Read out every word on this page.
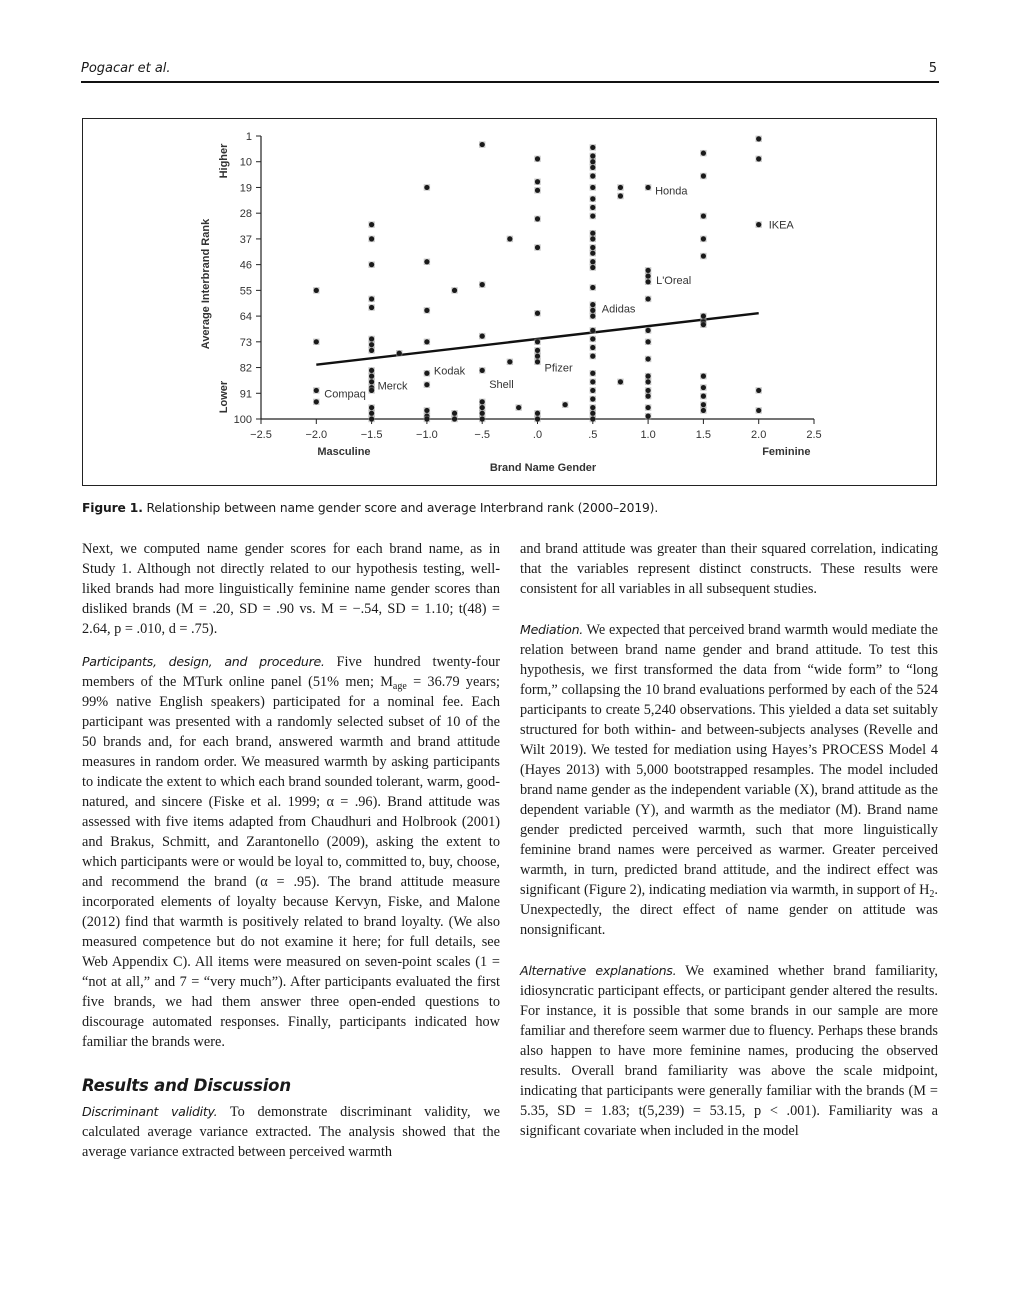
Pogacar et al.	5
1
10
19
28
37
46
55
64
73
82
91
100
−2.5	−2.0	−1.5	−1.0	−.5	.0	.5	1.0	1.5	2.0	2.5
Masculine	Feminine
Brand Name Gender
Average Interbrand Rank
Higher
Lower	Compaq
Merck
Kodak
Shell
Pfizer
Adidas
L'Oreal
Honda
IKEA
Figure 1. Relationship between name gender score and average Interbrand rank (2000–2019).

Next, we computed name gender scores for each brand name, as in Study 1. Although not directly related to our hypothesis testing, well-liked brands had more linguistically feminine name gender scores than disliked brands (M = .20, SD = .90 vs. M = −.54, SD = 1.10; t(48) = 2.64, p = .010, d = .75).

Participants, design, and procedure. Five hundred twenty-four members of the MTurk online panel (51% men; $M_{age} = 36.79$ years; 99% native English speakers) participated for a nominal fee. Each participant was presented with a randomly selected subset of 10 of the 50 brands and, for each brand, answered warmth and brand attitude measures in random order. We measured warmth by asking participants to indicate the extent to which each brand sounded tolerant, warm, good-natured, and sincere (Fiske et al. 1999; α = .96). Brand attitude was assessed with five items adapted from Chaudhuri and Holbrook (2001) and Brakus, Schmitt, and Zarantonello (2009), asking the extent to which participants were or would be loyal to, committed to, buy, choose, and recommend the brand (α = .95). The brand attitude measure incorporated elements of loyalty because Kervyn, Fiske, and Malone (2012) find that warmth is positively related to brand loyalty. (We also measured competence but do not examine it here; for full details, see Web Appendix C). All items were measured on seven-point scales (1 = “not at all,” and 7 = “very much”). After participants evaluated the first five brands, we had them answer three open-ended questions to discourage automated responses. Finally, participants indicated how familiar the brands were.

Results and Discussion

Discriminant validity. To demonstrate discriminant validity, we calculated average variance extracted. The analysis showed that the average variance extracted between perceived warmth

and brand attitude was greater than their squared correlation, indicating that the variables represent distinct constructs. These results were consistent for all variables in all subsequent studies.

Mediation. We expected that perceived brand warmth would mediate the relation between brand name gender and brand attitude. To test this hypothesis, we first transformed the data from “wide form” to “long form,” collapsing the 10 brand evaluations performed by each of the 524 participants to create 5,240 observations. This yielded a data set suitably structured for both within- and between-subjects analyses (Revelle and Wilt 2019). We tested for mediation using Hayes’s PROCESS Model 4 (Hayes 2013) with 5,000 bootstrapped resamples. The model included brand name gender as the independent variable (X), brand attitude as the dependent variable (Y), and warmth as the mediator (M). Brand name gender predicted perceived warmth, such that more linguistically feminine brand names were perceived as warmer. Greater perceived warmth, in turn, predicted brand attitude, and the indirect effect was significant (Figure 2), indicating mediation via warmth, in support of $H_2$. Unexpectedly, the direct effect of name gender on attitude was nonsignificant.

Alternative explanations. We examined whether brand familiarity, idiosyncratic participant effects, or participant gender altered the results. For instance, it is possible that some brands in our sample are more familiar and therefore seem warmer due to fluency. Perhaps these brands also happen to have more feminine names, producing the observed results. Overall brand familiarity was above the scale midpoint, indicating that participants were generally familiar with the brands (M = 5.35, SD = 1.83; t(5,239) = 53.15, p < .001). Familiarity was a significant covariate when included in the model
